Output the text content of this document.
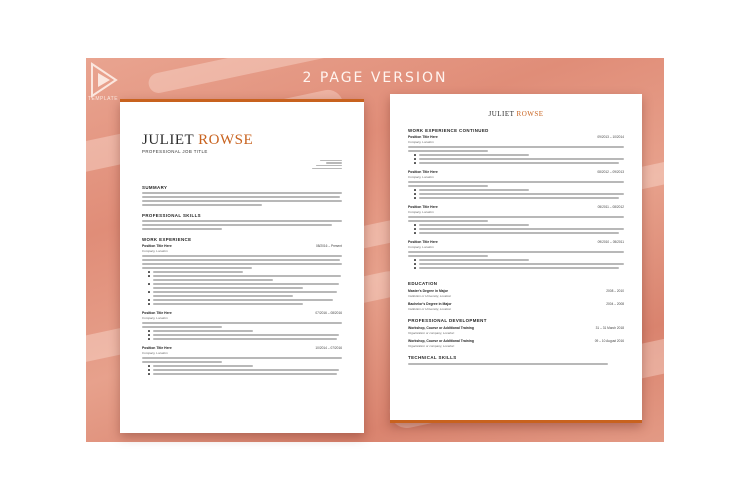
TEMPLATE
2 PAGE VERSION
JULIET ROWSE
PROFESSIONAL JOB TITLE
SUMMARY
PROFESSIONAL SKILLS
WORK EXPERIENCE
Position Title Here	08/2016 – Present
Company, Location
Position Title Here	07/2016 – 08/2016
Company, Location
Position Title Here	10/2014 – 07/2016
Company, Location
JULIET ROWSE
WORK EXPERIENCE CONTINUED
Position Title Here	09/2013 – 10/2014
Company, Location
Position Title Here	08/2012 – 09/2013
Company, Location
Position Title Here	05/2011 – 08/2012
Company, Location
Position Title Here	09/2010 – 05/2011
Company, Location
EDUCATION
Master's Degree in Major	2008 – 2010
Institution or University, Location
Bachelor's Degree in Major	2004 – 2008
Institution or University, Location
PROFESSIONAL DEVELOPMENT
Workshop, Course or Additional Training	31 – 31 March 2018
Organization or company, Location
Workshop, Course or Additional Training	09 – 10 August 2016
Organization or company, Location
TECHNICAL SKILLS
